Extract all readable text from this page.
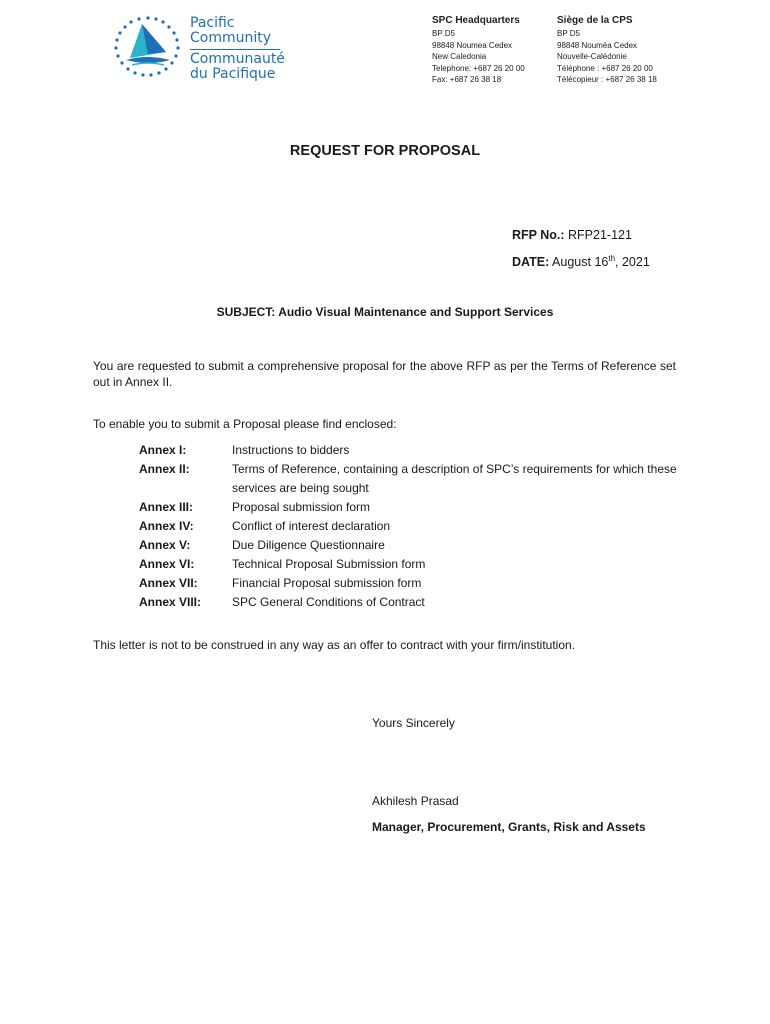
Pacific
Community
Communauté
du Pacifique
SPC Headquarters
BP D5
98848 Noumea Cedex
New Caledonia
Telephone: +687 26 20 00
Fax: +687 26 38 18
Siège de la CPS
BP D5
98848 Nouméa Cedex
Nouvelle-Calédonie
Téléphone : +687 26 20 00
Télécopieur : +687 26 38 18
REQUEST FOR PROPOSAL
RFP No.: RFP21-121
DATE: August 16th, 2021
SUBJECT: Audio Visual Maintenance and Support Services
You are requested to submit a comprehensive proposal for the above RFP as per the Terms of Reference set out in Annex II.
To enable you to submit a Proposal please find enclosed:
Annex I:	Instructions to bidders
Annex II:	Terms of Reference, containing a description of SPC’s requirements for which these services are being sought
Annex III:	Proposal submission form
Annex IV:	Conflict of interest declaration
Annex V:	Due Diligence Questionnaire
Annex VI:	Technical Proposal Submission form
Annex VII:	Financial Proposal submission form
Annex VIII:	SPC General Conditions of Contract
This letter is not to be construed in any way as an offer to contract with your firm/institution.
Yours Sincerely
Akhilesh Prasad
Manager, Procurement, Grants, Risk and Assets
